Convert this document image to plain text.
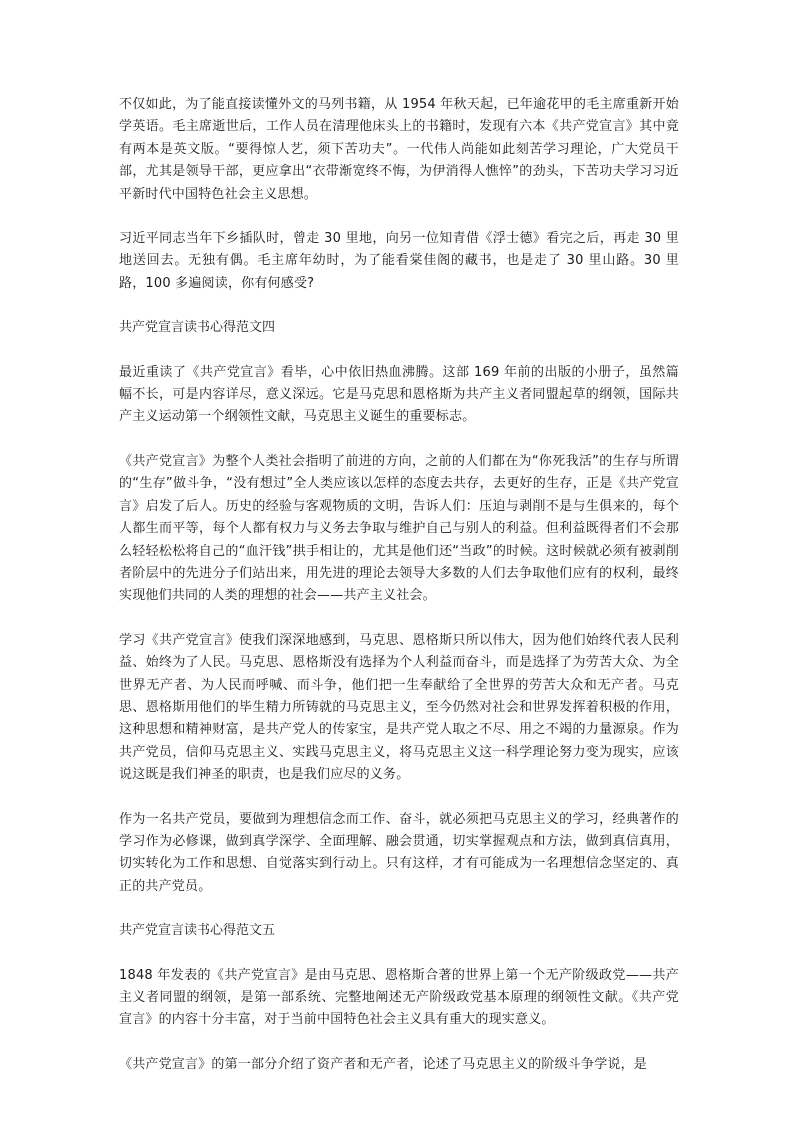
不仅如此，为了能直接读懂外文的马列书籍，从 1954 年秋天起，已年逾花甲的毛主席重新开始学英语。毛主席逝世后，工作人员在清理他床头上的书籍时，发现有六本《共产党宣言》其中竟有两本是英文版。“要得惊人艺，须下苦功夫”。一代伟人尚能如此刻苦学习理论，广大党员干部，尤其是领导干部，更应拿出“衣带渐宽终不悔，为伊消得人憔悴”的劲头，下苦功夫学习习近平新时代中国特色社会主义思想。

习近平同志当年下乡插队时，曾走 30 里地，向另一位知青借《浮士德》看完之后，再走 30 里地送回去。无独有偶。毛主席年幼时，为了能看棠佳阁的藏书，也是走了 30 里山路。30 里路，100 多遍阅读，你有何感受?

共产党宣言读书心得范文四

最近重读了《共产党宣言》看毕，心中依旧热血沸腾。这部 169 年前的出版的小册子，虽然篇幅不长，可是内容详尽，意义深远。它是马克思和恩格斯为共产主义者同盟起草的纲领，国际共产主义运动第一个纲领性文献，马克思主义诞生的重要标志。

《共产党宣言》为整个人类社会指明了前进的方向，之前的人们都在为“你死我活”的生存与所谓的“生存”做斗争，“没有想过”全人类应该以怎样的态度去共存，去更好的生存，正是《共产党宣言》启发了后人。历史的经验与客观物质的文明，告诉人们：压迫与剥削不是与生俱来的，每个人都生而平等，每个人都有权力与义务去争取与维护自己与别人的利益。但利益既得者们不会那么轻轻松松将自己的“血汗钱”拱手相让的，尤其是他们还“当政”的时候。这时候就必须有被剥削者阶层中的先进分子们站出来，用先进的理论去领导大多数的人们去争取他们应有的权利，最终实现他们共同的人类的理想的社会——共产主义社会。

学习《共产党宣言》使我们深深地感到，马克思、恩格斯只所以伟大，因为他们始终代表人民利益、始终为了人民。马克思、恩格斯没有选择为个人利益而奋斗，而是选择了为劳苦大众、为全世界无产者、为人民而呼喊、而斗争，他们把一生奉献给了全世界的劳苦大众和无产者。马克思、恩格斯用他们的毕生精力所铸就的马克思主义，至今仍然对社会和世界发挥着积极的作用，这种思想和精神财富，是共产党人的传家宝，是共产党人取之不尽、用之不竭的力量源泉。作为共产党员，信仰马克思主义、实践马克思主义，将马克思主义这一科学理论努力变为现实，应该说这既是我们神圣的职责，也是我们应尽的义务。

作为一名共产党员，要做到为理想信念而工作、奋斗，就必须把马克思主义的学习，经典著作的学习作为必修课，做到真学深学、全面理解、融会贯通，切实掌握观点和方法，做到真信真用，切实转化为工作和思想、自觉落实到行动上。只有这样，才有可能成为一名理想信念坚定的、真正的共产党员。

共产党宣言读书心得范文五

1848 年发表的《共产党宣言》是由马克思、恩格斯合著的世界上第一个无产阶级政党——共产主义者同盟的纲领，是第一部系统、完整地阐述无产阶级政党基本原理的纲领性文献。《共产党宣言》的内容十分丰富，对于当前中国特色社会主义具有重大的现实意义。

《共产党宣言》的第一部分介绍了资产者和无产者，论述了马克思主义的阶级斗争学说，是
